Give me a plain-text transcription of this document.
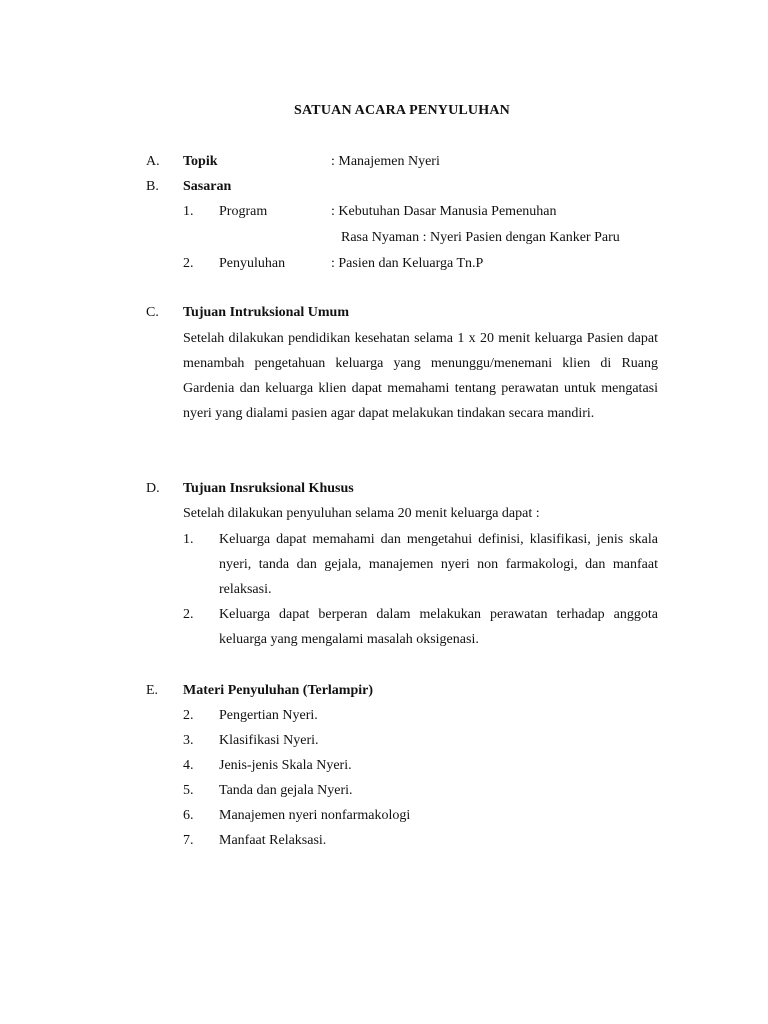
SATUAN ACARA PENYULUHAN
A. Topik	: Manajemen Nyeri
B. Sasaran
1. Program	: Kebutuhan Dasar Manusia Pemenuhan
Rasa Nyaman : Nyeri Pasien dengan Kanker Paru
2. Penyuluhan	: Pasien dan Keluarga Tn.P
C. Tujuan Intruksional Umum
Setelah dilakukan pendidikan kesehatan selama 1 x 20 menit keluarga Pasien dapat menambah pengetahuan keluarga yang menunggu/menemani klien di Ruang Gardenia dan keluarga klien dapat memahami tentang perawatan untuk mengatasi nyeri yang dialami pasien agar dapat melakukan tindakan secara mandiri.
D. Tujuan Insruksional Khusus
Setelah dilakukan penyuluhan selama 20 menit keluarga dapat :
1. Keluarga dapat memahami dan mengetahui definisi, klasifikasi, jenis skala nyeri, tanda dan gejala, manajemen nyeri non farmakologi, dan manfaat relaksasi.
2. Keluarga dapat berperan dalam melakukan perawatan terhadap anggota keluarga yang mengalami masalah oksigenasi.
E. Materi Penyuluhan (Terlampir)
2. Pengertian Nyeri.
3. Klasifikasi Nyeri.
4. Jenis-jenis Skala Nyeri.
5. Tanda dan gejala Nyeri.
6. Manajemen nyeri nonfarmakologi
7. Manfaat Relaksasi.
